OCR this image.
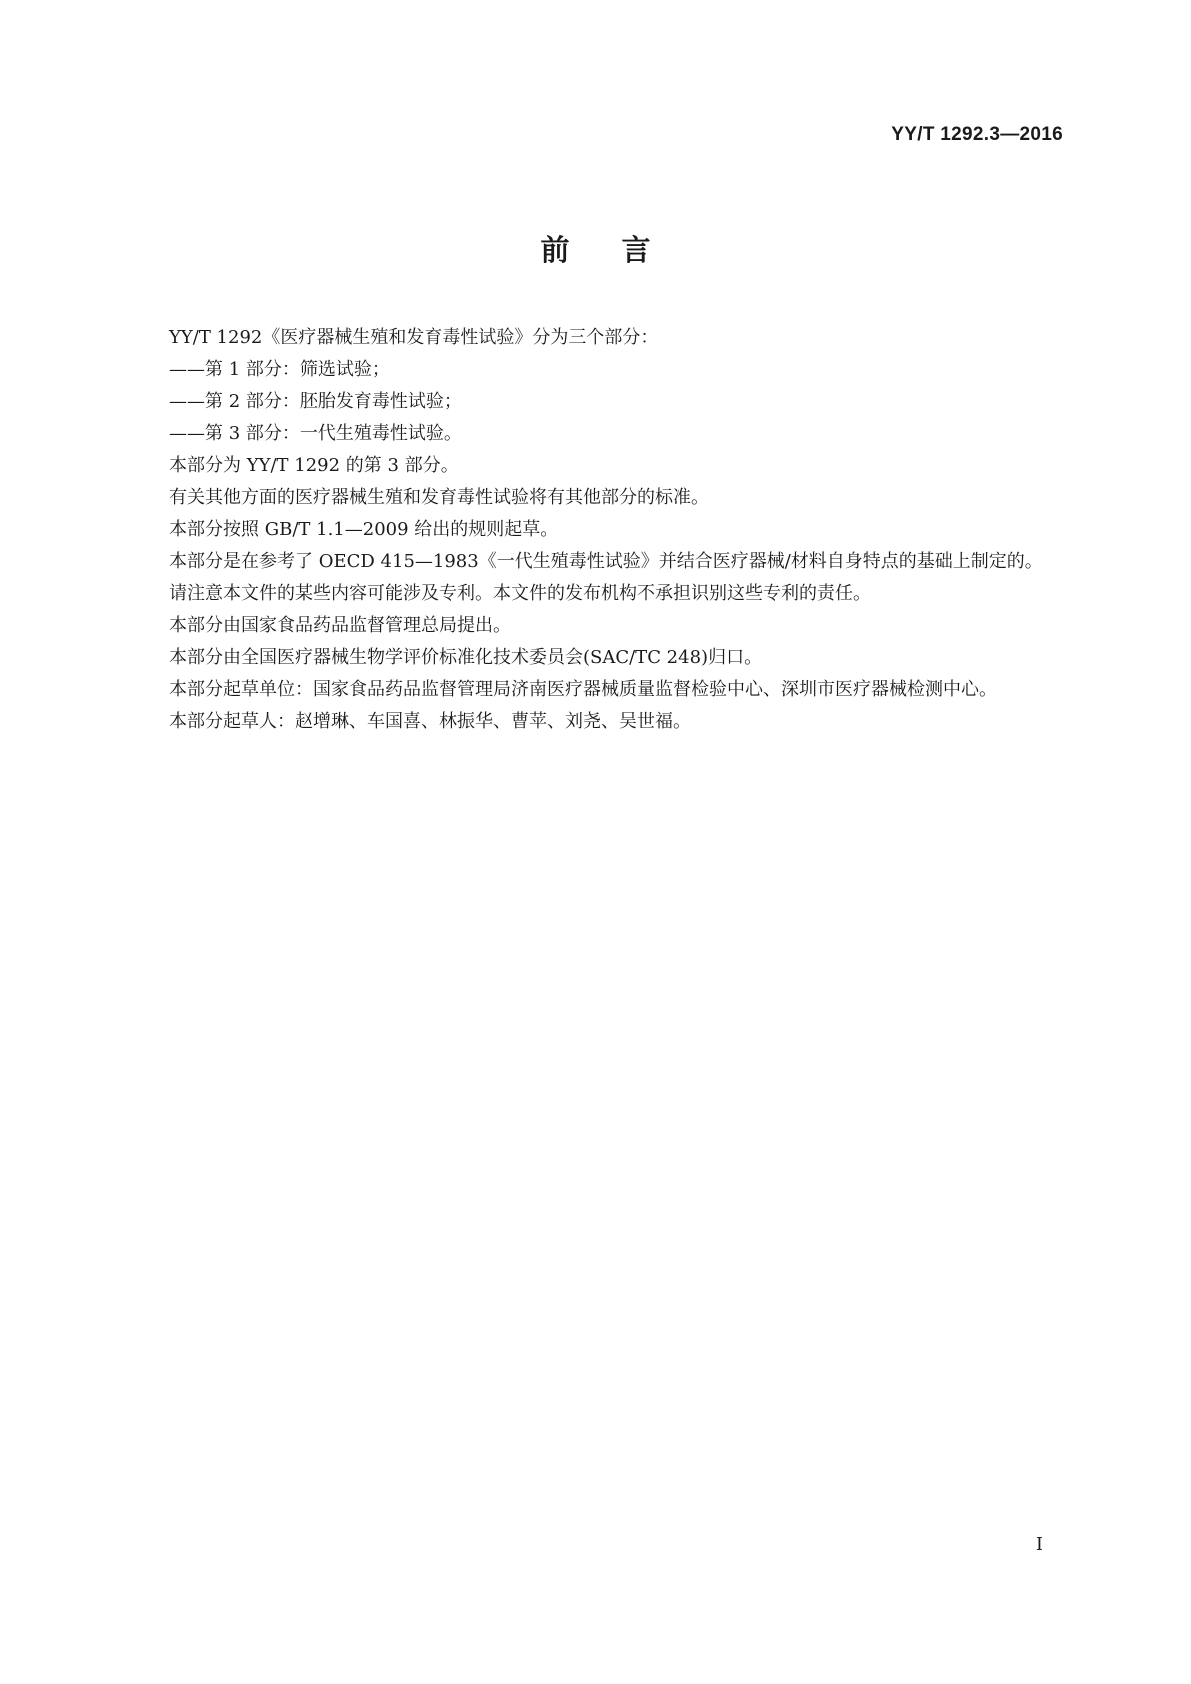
YY/T 1292.3—2016
前言

YY/T 1292《医疗器械生殖和发育毒性试验》分为三个部分：

——第 1 部分：筛选试验；

——第 2 部分：胚胎发育毒性试验；

——第 3 部分：一代生殖毒性试验。

本部分为 YY/T 1292 的第 3 部分。

有关其他方面的医疗器械生殖和发育毒性试验将有其他部分的标准。

本部分按照 GB/T 1.1—2009 给出的规则起草。

本部分是在参考了 OECD 415—1983《一代生殖毒性试验》并结合医疗器械/材料自身特点的基础上制定的。

请注意本文件的某些内容可能涉及专利。本文件的发布机构不承担识别这些专利的责任。

本部分由国家食品药品监督管理总局提出。

本部分由全国医疗器械生物学评价标准化技术委员会(SAC/TC 248)归口。

本部分起草单位：国家食品药品监督管理局济南医疗器械质量监督检验中心、深圳市医疗器械检测中心。

本部分起草人：赵增琳、车国喜、林振华、曹苹、刘尧、吴世福。

I
